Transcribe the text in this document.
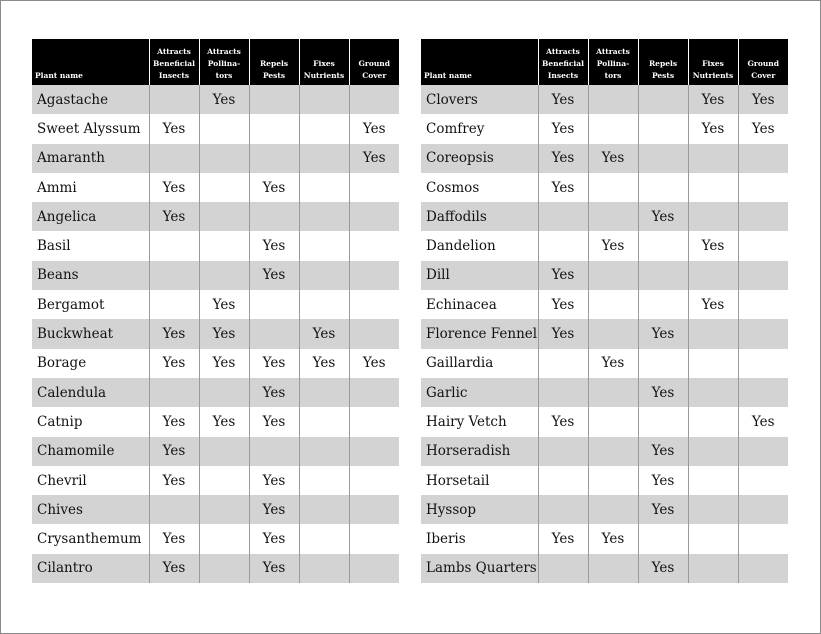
Plant name	Attracts
Beneficial
Insects	Attracts
Pollina-
tors	Repels
Pests	Fixes
Nutrients	Ground
Cover

Agastache		Yes			
Sweet Alyssum	Yes				Yes
Amaranth					Yes
Ammi	Yes		Yes		
Angelica	Yes				
Basil			Yes		
Beans			Yes		
Bergamot		Yes			
Buckwheat	Yes	Yes		Yes	
Borage	Yes	Yes	Yes	Yes	Yes
Calendula			Yes		
Catnip	Yes	Yes	Yes		
Chamomile	Yes				
Chevril	Yes		Yes		
Chives			Yes		
Crysanthemum	Yes		Yes		
Cilantro	Yes		Yes		
Plant name	Attracts
Beneficial
Insects	Attracts
Pollina-
tors	Repels
Pests	Fixes
Nutrients	Ground
Cover

Clovers	Yes			Yes	Yes
Comfrey	Yes			Yes	Yes
Coreopsis	Yes	Yes			
Cosmos	Yes				
Daffodils			Yes		
Dandelion		Yes		Yes	
Dill	Yes				
Echinacea	Yes			Yes	
Florence Fennel	Yes		Yes		
Gaillardia		Yes			
Garlic			Yes		
Hairy Vetch	Yes				Yes
Horseradish			Yes		
Horsetail			Yes		
Hyssop			Yes		
Iberis	Yes	Yes			
Lambs Quarters			Yes		
